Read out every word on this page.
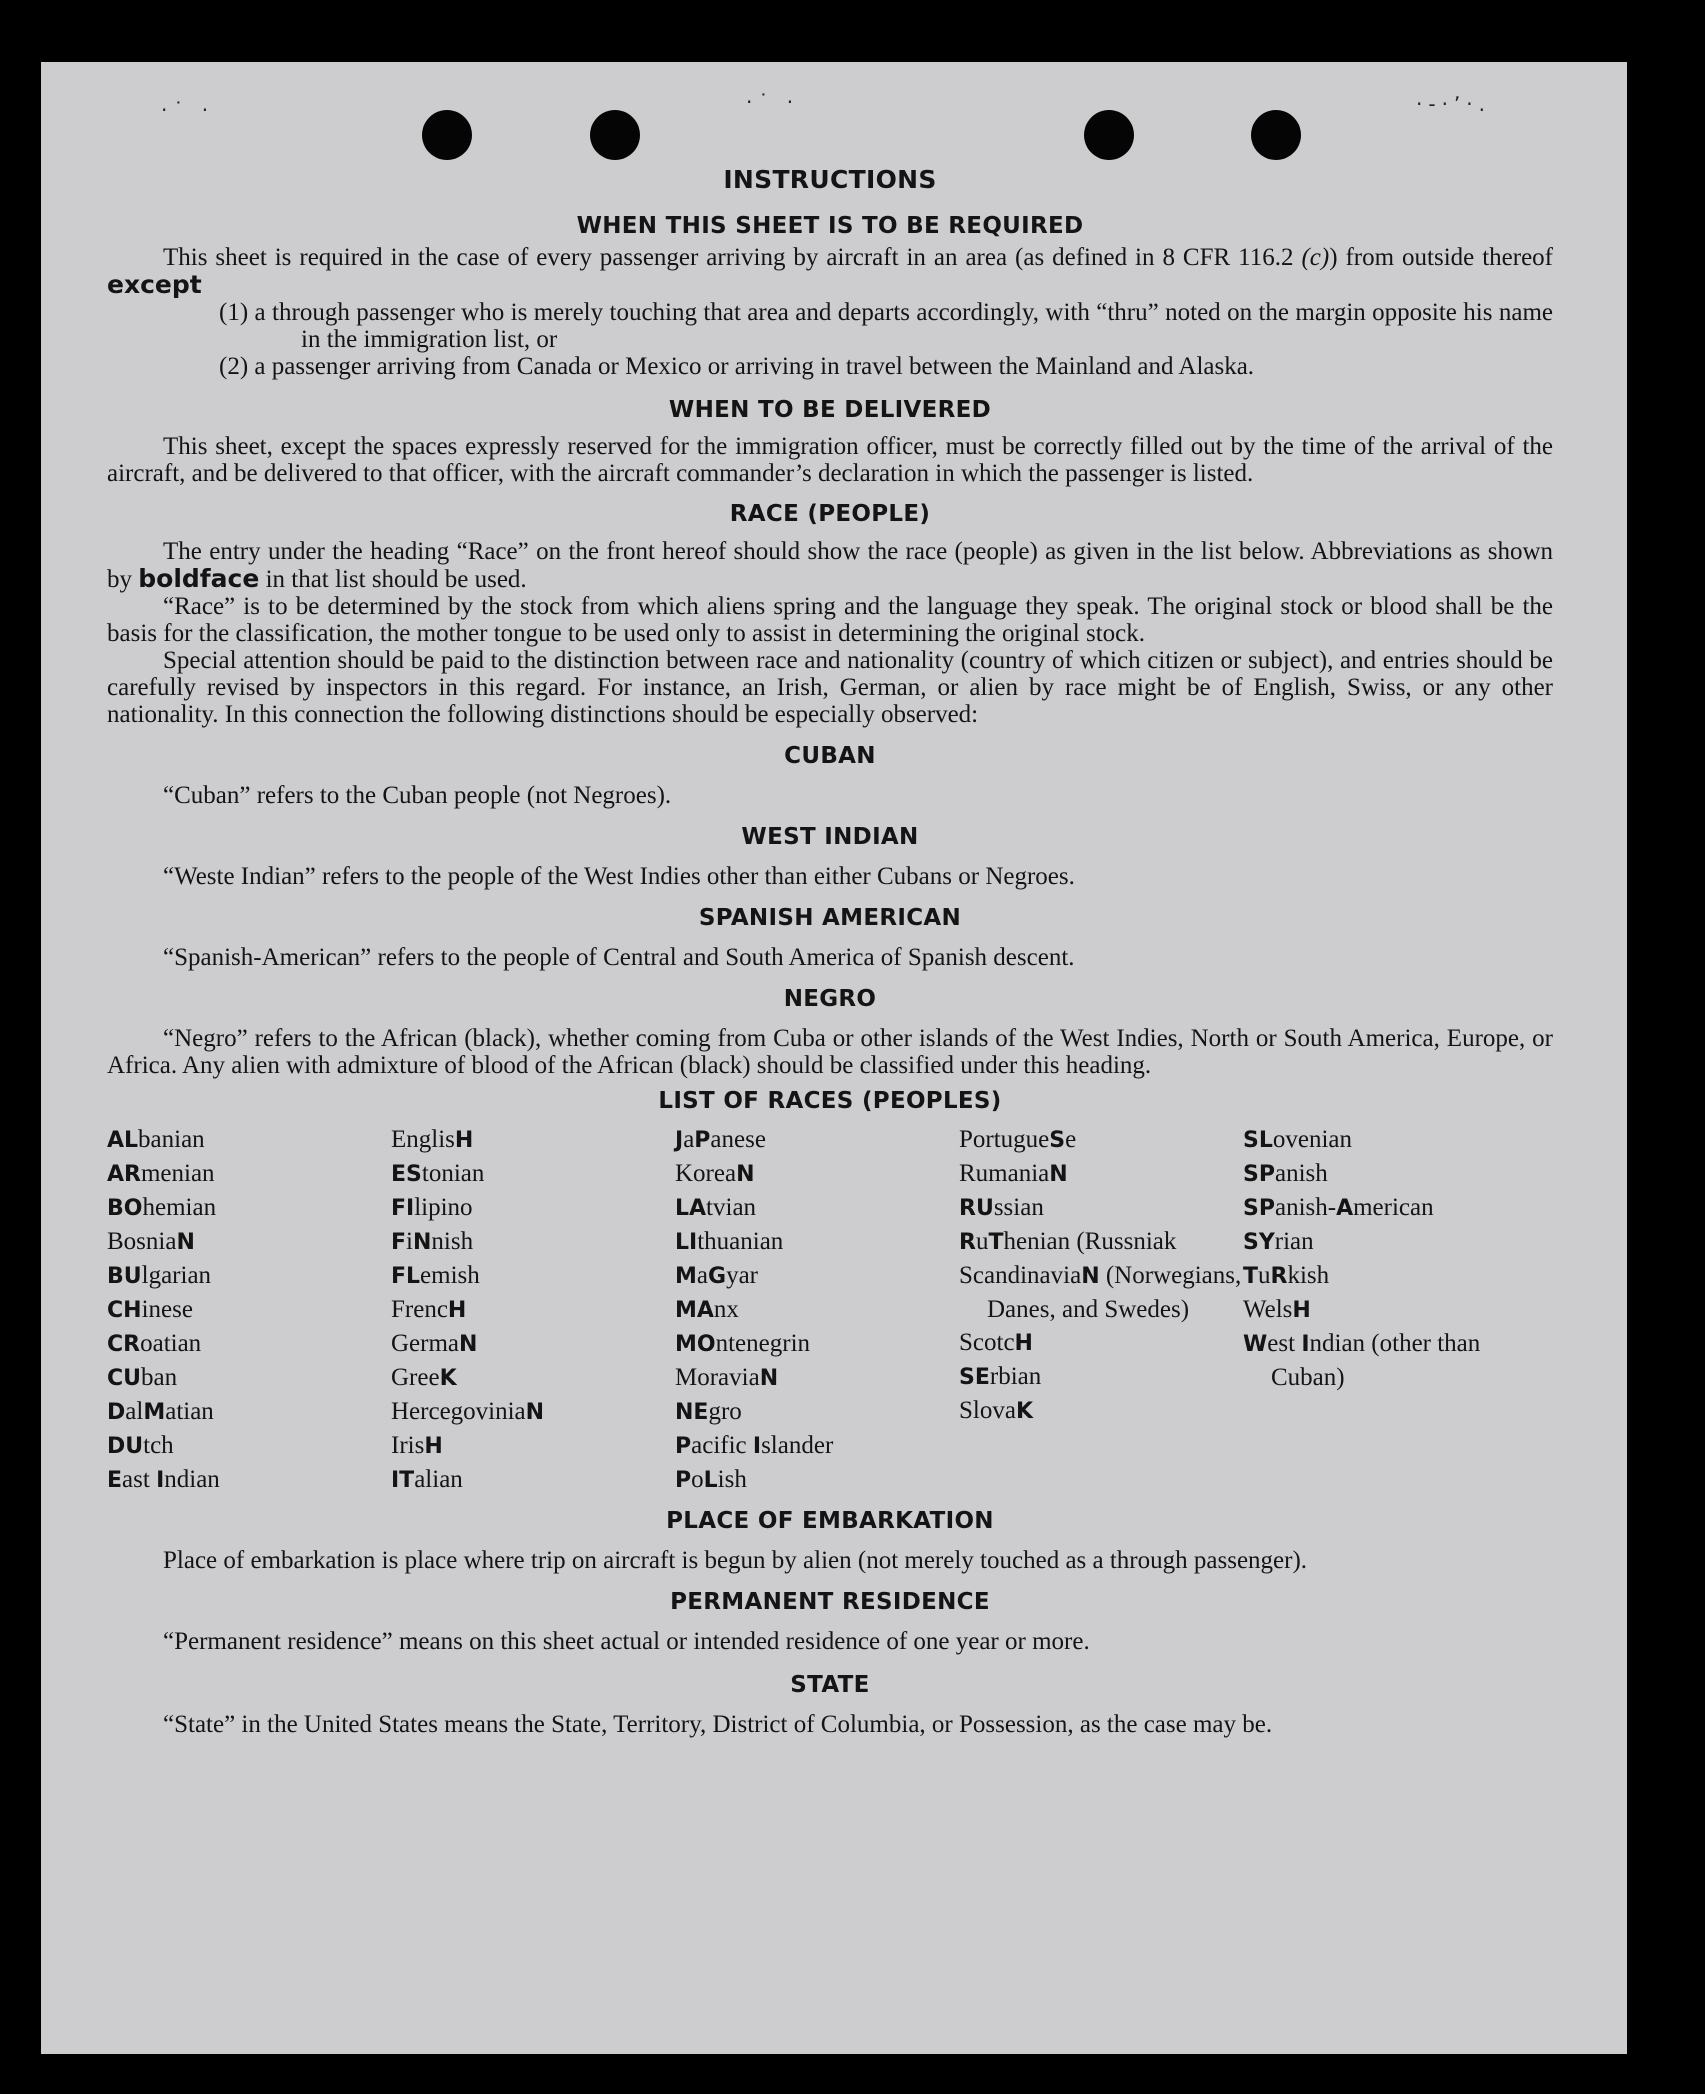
·˙ ·	·˙ ·	·-·ʼ·.
INSTRUCTIONS
WHEN THIS SHEET IS TO BE REQUIRED

This sheet is required in the case of every passenger arriving by aircraft in an area (as defined in 8 CFR 116.2 (c)) from outside thereof except

(1) a through passenger who is merely touching that area and departs accordingly, with “thru” noted on the margin opposite his name in the immigration list, or

(2) a passenger arriving from Canada or Mexico or arriving in travel between the Mainland and Alaska.

WHEN TO BE DELIVERED

This sheet, except the spaces expressly reserved for the immigration officer, must be correctly filled out by the time of the arrival of the aircraft, and be delivered to that officer, with the aircraft commander’s declaration in which the passenger is listed.

RACE (PEOPLE)

The entry under the heading “Race” on the front hereof should show the race (people) as given in the list below. Abbreviations as shown by boldface in that list should be used.

“Race” is to be determined by the stock from which aliens spring and the language they speak. The original stock or blood shall be the basis for the classification, the mother tongue to be used only to assist in determining the original stock.

Special attention should be paid to the distinction between race and nationality (country of which citizen or subject), and entries should be carefully revised by inspectors in this regard. For instance, an Irish, German, or alien by race might be of English, Swiss, or any other nationality. In this connection the following distinctions should be especially observed:

CUBAN

“Cuban” refers to the Cuban people (not Negroes).

WEST INDIAN

“Weste Indian” refers to the people of the West Indies other than either Cubans or Negroes.

SPANISH AMERICAN

“Spanish-American” refers to the people of Central and South America of Spanish descent.

NEGRO

“Negro” refers to the African (black), whether coming from Cuba or other islands of the West Indies, North or South America, Europe, or Africa. Any alien with admixture of blood of the African (black) should be classified under this heading.

LIST OF RACES (PEOPLES)
ALbanian
ARmenian
BOhemian
BosniaN
BUlgarian
CHinese
CRoatian
CUban
DalMatian
DUtch
East Indian
EnglisH
EStonian
FIlipino
FiNnish
FLemish
FrencH
GermaN
GreeK
HercegoviniaN
IrisH
ITalian
JaPanese
KoreaN
LAtvian
LIthuanian
MaGyar
MAnx
MOntenegrin
MoraviaN
NEgro
Pacific Islander
PoLish
PortugueSe
RumaniaN
RUssian
RuThenian (Russniak
ScandinaviaN (Norwegians, Danes, and Swedes)
ScotcH
SErbian
SlovaK
SLovenian
SPanish
SPanish-American
SYrian
TuRkish
WelsH
West Indian (other than Cuban)
PLACE OF EMBARKATION

Place of embarkation is place where trip on aircraft is begun by alien (not merely touched as a through passenger).

PERMANENT RESIDENCE

“Permanent residence” means on this sheet actual or intended residence of one year or more.

STATE

“State” in the United States means the State, Territory, District of Columbia, or Possession, as the case may be.
